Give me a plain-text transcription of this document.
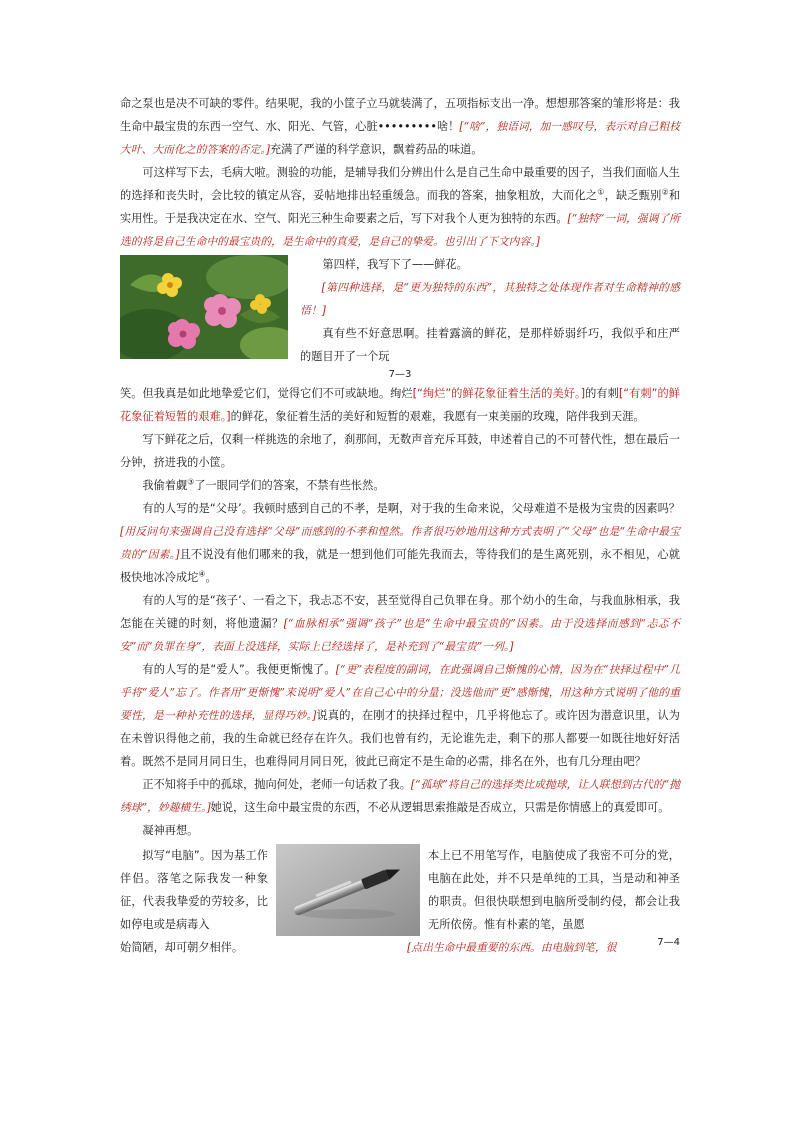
命之泵也是决不可缺的零件。结果呢，我的小筐子立马就装满了，五项指标支出一净。想想那答案的雏形将是：我生命中最宝贵的东西一空气、水、阳光、气管，心脏•••••••••啥！[“啥”，独语词，加一感叹号，表示对自己粗枝大叶、大而化之的答案的否定。]充满了严谨的科学意识，飘着药品的味道。

可这样写下去，毛病大啦。测验的功能，是辅导我们分辨出什么是自己生命中最重要的因子，当我们面临人生的选择和丧失时，会比较的镇定从容，妥帖地排出轻重缓急。而我的答案，抽象粗放，大而化之①，缺乏甄别②和实用性。于是我决定在水、空气、阳光三种生命要素之后，写下对我个人更为独特的东西。[“独特”一词，强调了所选的将是自己生命中的最宝贵的，是生命中的真爱，是自己的挚爱。也引出了下文内容。]

第四样，我写下了——鲜花。

[第四种选择，是“更为独特的东西”，其独特之处体现作者对生命精神的感悟！]

真有些不好意思啊。挂着露滴的鲜花，是那样娇弱纤巧，我似乎和庄严的题目开了一个玩

7—3

笑。但我真是如此地挚爱它们，觉得它们不可或缺地。绚烂[“绚烂”的鲜花象征着生活的美好。]的有刺[“有刺”的鲜花象征着短暂的艰难。]的鲜花，象征着生活的美好和短暂的艰难，我愿有一束美丽的玫瑰，陪伴我到天涯。

写下鲜花之后，仅剩一样挑选的余地了，刹那间，无数声音充斥耳鼓，申述着自己的不可替代性，想在最后一分钟，挤进我的小筐。

我偷着觑③了一眼同学们的答案，不禁有些怅然。

有的人写的是“父母’。我顿时感到自己的不孝，是啊，对于我的生命来说，父母难道不是极为宝贵的因素吗？[用反问句来强调自己没有选择“父母”而感到的不孝和惶然。作者很巧妙地用这种方式表明了“父母”也是“生命中最宝贵的”因素。]且不说没有他们哪来的我，就是一想到他们可能先我而去，等待我们的是生离死别，永不相见，心就极快地冰冷成坨④。

有的人写的是“孩子’、一看之下，我忐忑不安，甚至觉得自己负罪在身。那个幼小的生命，与我血脉相承，我怎能在关键的时刻，将他遗漏？[“血脉相承”强调“孩子”也是“生命中最宝贵的”因素。由于没选择而感到“忐忑不安”而“负罪在身”，表面上没选择，实际上已经选择了，是补充到了“最宝贵”一列。]

有的人写的是“爱人”。我便更惭愧了。[“更”表程度的副词，在此强调自己惭愧的心情，因为在“抉择过程中”几乎将“爱人”忘了。作者用“更惭愧”来说明“爱人”在自己心中的分量；没选他而“更”感惭愧，用这种方式说明了他的重要性，是一种补充性的选择，显得巧妙。]说真的，在刚才的抉择过程中，几乎将他忘了。或许因为潜意识里，认为在未曾识得他之前，我的生命就已经存在许久。我们也曾有约，无论谁先走，剩下的那人都要一如既往地好好活着。既然不是同月同日生，也难得同月同日死，彼此已商定不是生命的必需，排名在外，也有几分理由吧？

正不知将手中的孤球，抛向何处，老师一句话救了我。[“孤球”将自己的选择类比成抛球，让人联想到古代的“抛绣球”，妙趣横生。]她说，这生命中最宝贵的东西，不必从逻辑思索推敲是否成立，只需是你情感上的真爱即可。

凝神再想。

拟写“电脑”。因为基工作伴侣。落笔之际我发一种象征，代表我挚爱的劳较多，比如停电或是病毒入

本上已不用笔写作，电脑使成了我密不可分的党，电脑在此处，并不只是单纯的工具，当是动和神圣的职责。但很快联想到电脑所受制约侵，都会让我无所依傍。惟有朴素的笔，虽愿

7—4

始简陋，却可朝夕相伴。	[点出生命中最重要的东西。由电脑到笔，很
